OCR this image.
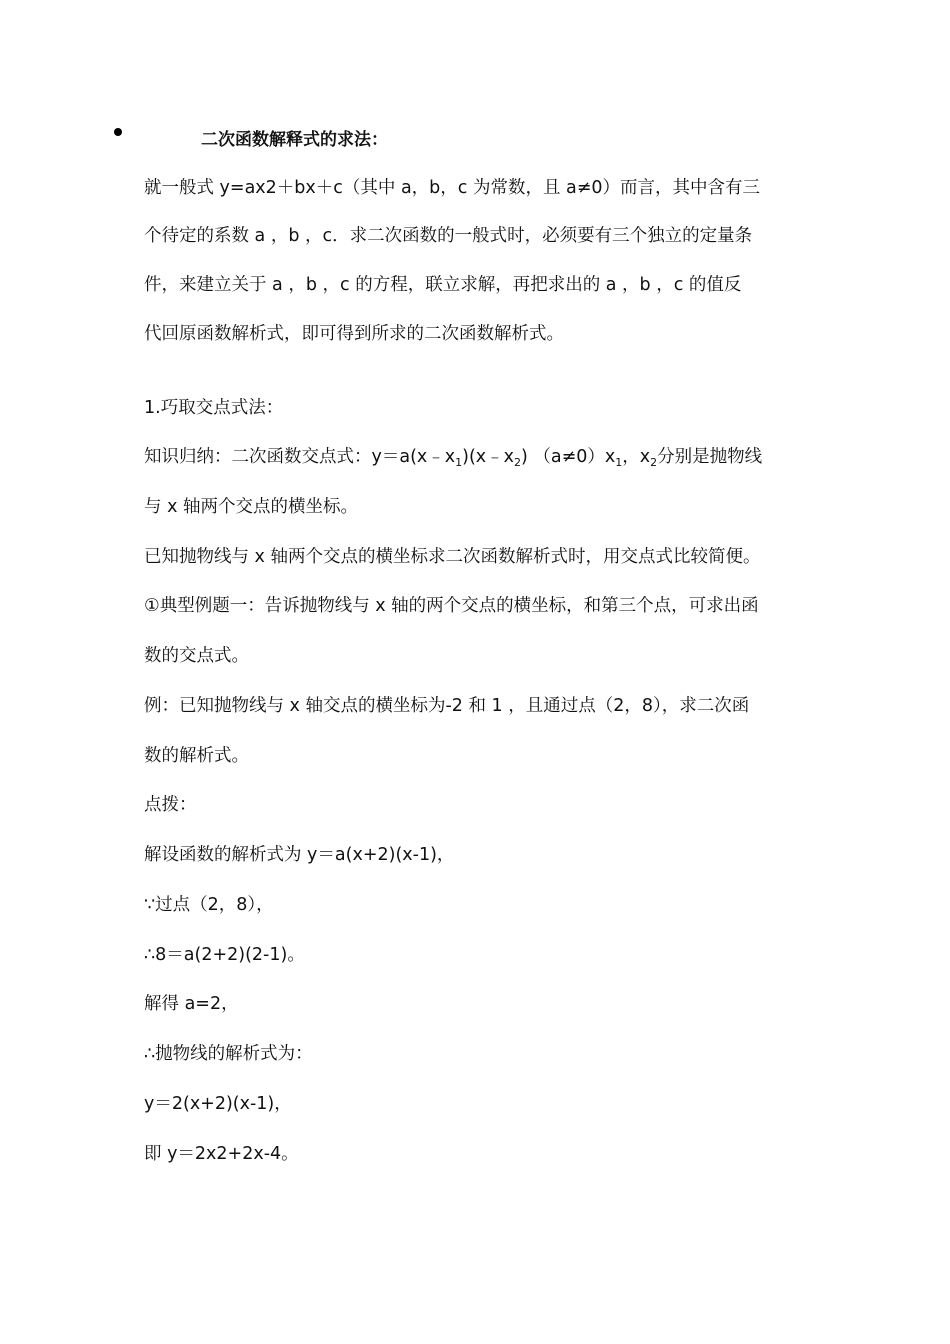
二次函数解释式的求法：
就一般式 y=ax2＋bx＋c（其中 a，b，c 为常数，且 a≠0）而言，其中含有三
个待定的系数 a ，b ，c．求二次函数的一般式时，必须要有三个独立的定量条
件，来建立关于 a ，b ，c 的方程，联立求解，再把求出的 a ，b ，c 的值反
代回原函数解析式，即可得到所求的二次函数解析式。
1.巧取交点式法：
知识归纳：二次函数交点式：$y=a(x﹣x_1)(x﹣x_2)$ $(a\ne 0)x_1$，$x_2$分别是抛物线
与 x 轴两个交点的横坐标。
已知抛物线与 x 轴两个交点的横坐标求二次函数解析式时，用交点式比较简便。
①典型例题一：告诉抛物线与 x 轴的两个交点的横坐标，和第三个点，可求出函
数的交点式。
例：已知抛物线与 x 轴交点的横坐标为-2 和 1 ，且通过点（2，8），求二次函
数的解析式。
点拨：
解设函数的解析式为 y＝a(x+2)(x-1)，
∵过点（2，8），
∴8＝a(2+2)(2-1)。
解得 a=2，
∴抛物线的解析式为：
y＝2(x+2)(x-1)，
即 y＝2x2+2x-4。
